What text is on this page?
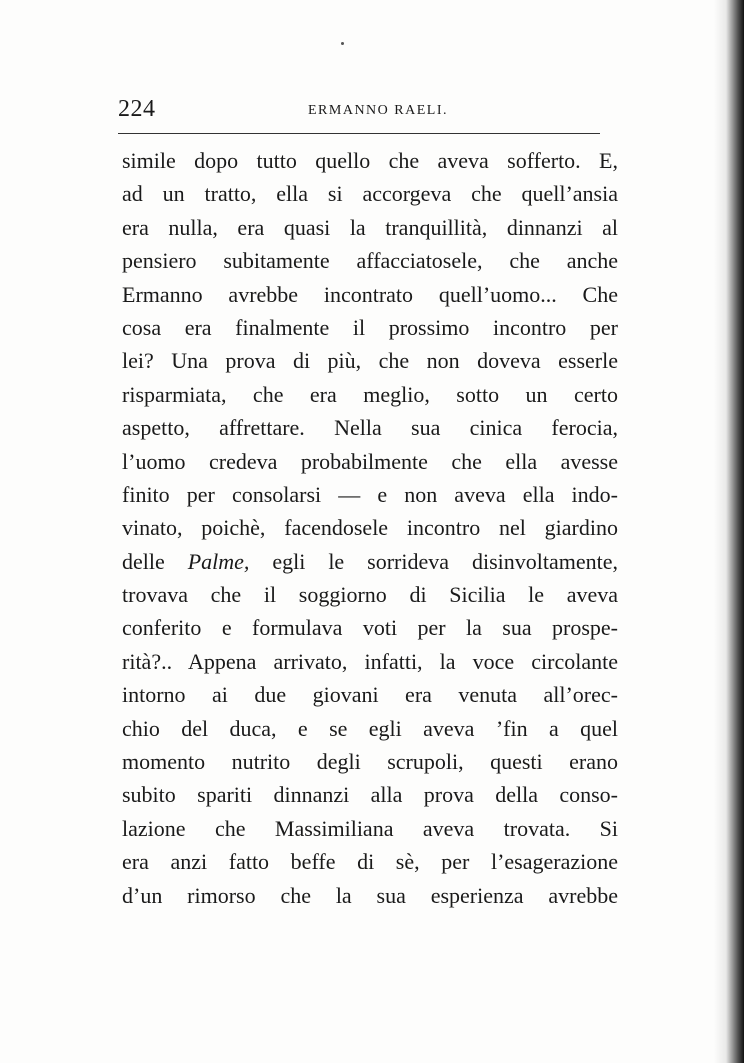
224	ERMANNO RAELI.
simile dopo tutto quello che aveva sofferto. E,
ad un tratto, ella si accorgeva che quell’ansia
era nulla, era quasi la tranquillità, dinnanzi al
pensiero subitamente affacciatosele, che anche
Ermanno avrebbe incontrato quell’uomo... Che
cosa era finalmente il prossimo incontro per
lei? Una prova di più, che non doveva esserle
risparmiata, che era meglio, sotto un certo
aspetto, affrettare. Nella sua cinica ferocia,
l’uomo credeva probabilmente che ella avesse
finito per consolarsi — e non aveva ella indo-
vinato, poichè, facendosele incontro nel giardino
delle Palme, egli le sorrideva disinvoltamente,
trovava che il soggiorno di Sicilia le aveva
conferito e formulava voti per la sua prospe-
rità?.. Appena arrivato, infatti, la voce circolante
intorno ai due giovani era venuta all’orec-
chio del duca, e se egli aveva ’fin a quel
momento nutrito degli scrupoli, questi erano
subito spariti dinnanzi alla prova della conso-
lazione che Massimiliana aveva trovata. Si
era anzi fatto beffe di sè, per l’esagerazione
d’un rimorso che la sua esperienza avrebbe
